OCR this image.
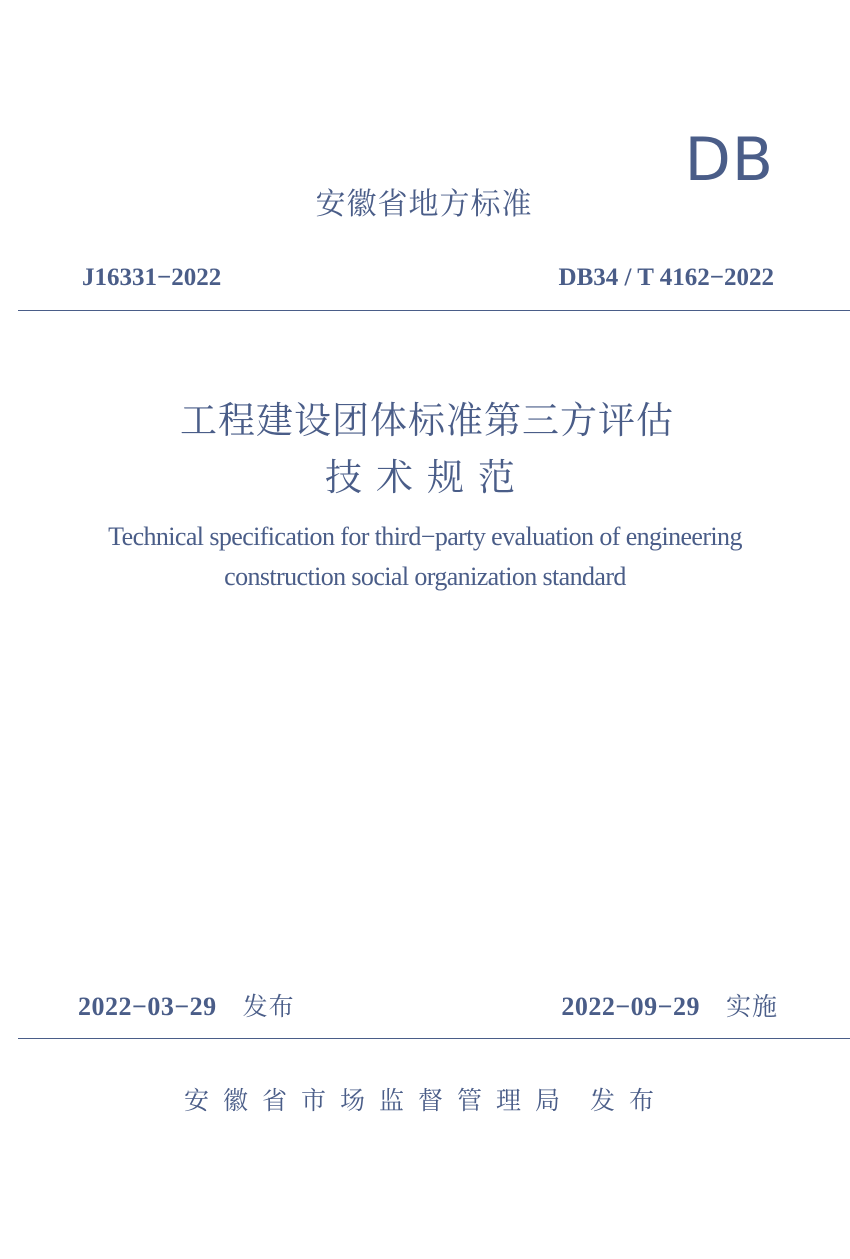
DB
安徽省地方标准
J16331−2022	DB34 / T 4162−2022
工程建设团体标准第三方评估
技术规范
Technical specification for third−party evaluation of engineering
construction social organization standard
2022−03−29 发布	2022−09−29 实施
安徽省市场监督管理局 发布
